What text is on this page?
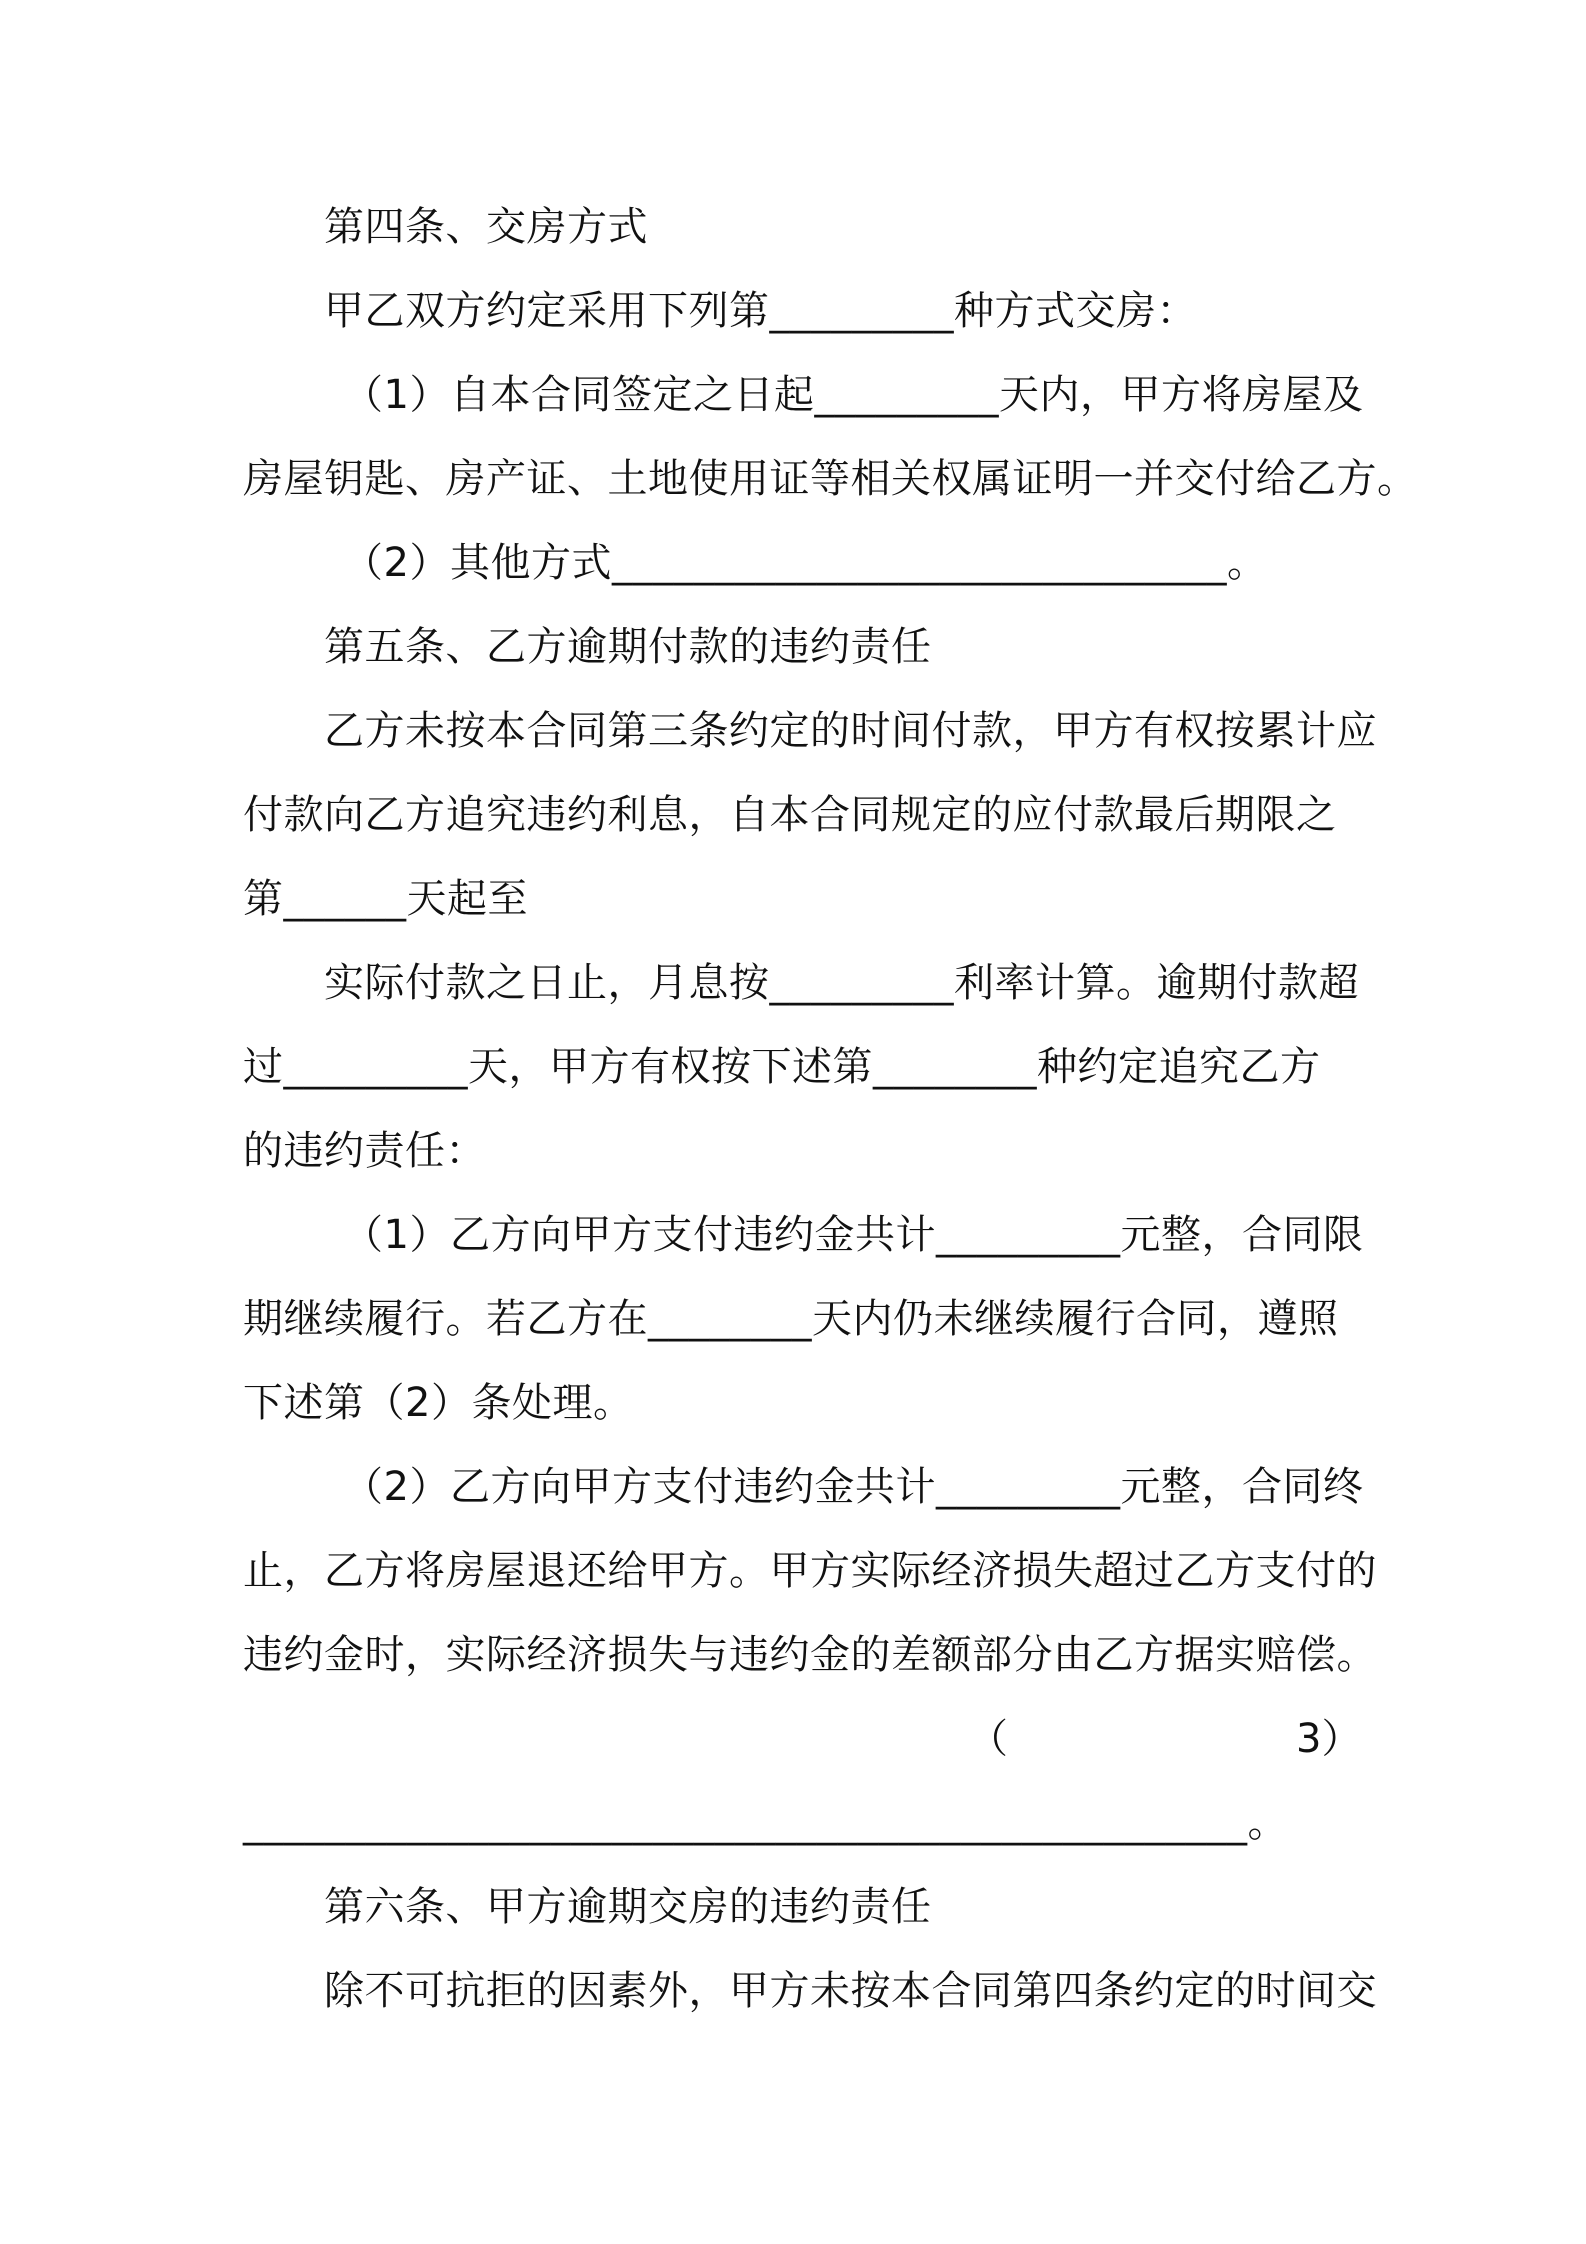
第四条、交房方式
甲乙双方约定采用下列第_________种方式交房：
（1）自本合同签定之日起_________天内，甲方将房屋及
房屋钥匙、房产证、土地使用证等相关权属证明一并交付给乙方。
（2）其他方式______________________________。
第五条、乙方逾期付款的违约责任
乙方未按本合同第三条约定的时间付款，甲方有权按累计应
付款向乙方追究违约利息，自本合同规定的应付款最后期限之
第______天起至
实际付款之日止，月息按_________利率计算。逾期付款超
过_________天，甲方有权按下述第________种约定追究乙方
的违约责任：
（1）乙方向甲方支付违约金共计_________元整，合同限
期继续履行。若乙方在________天内仍未继续履行合同，遵照
下述第（2）条处理。
（2）乙方向甲方支付违约金共计_________元整，合同终
止，乙方将房屋退还给甲方。甲方实际经济损失超过乙方支付的
违约金时，实际经济损失与违约金的差额部分由乙方据实赔偿。
（	3）
_________________________________________________。
第六条、甲方逾期交房的违约责任
除不可抗拒的因素外，甲方未按本合同第四条约定的时间交
